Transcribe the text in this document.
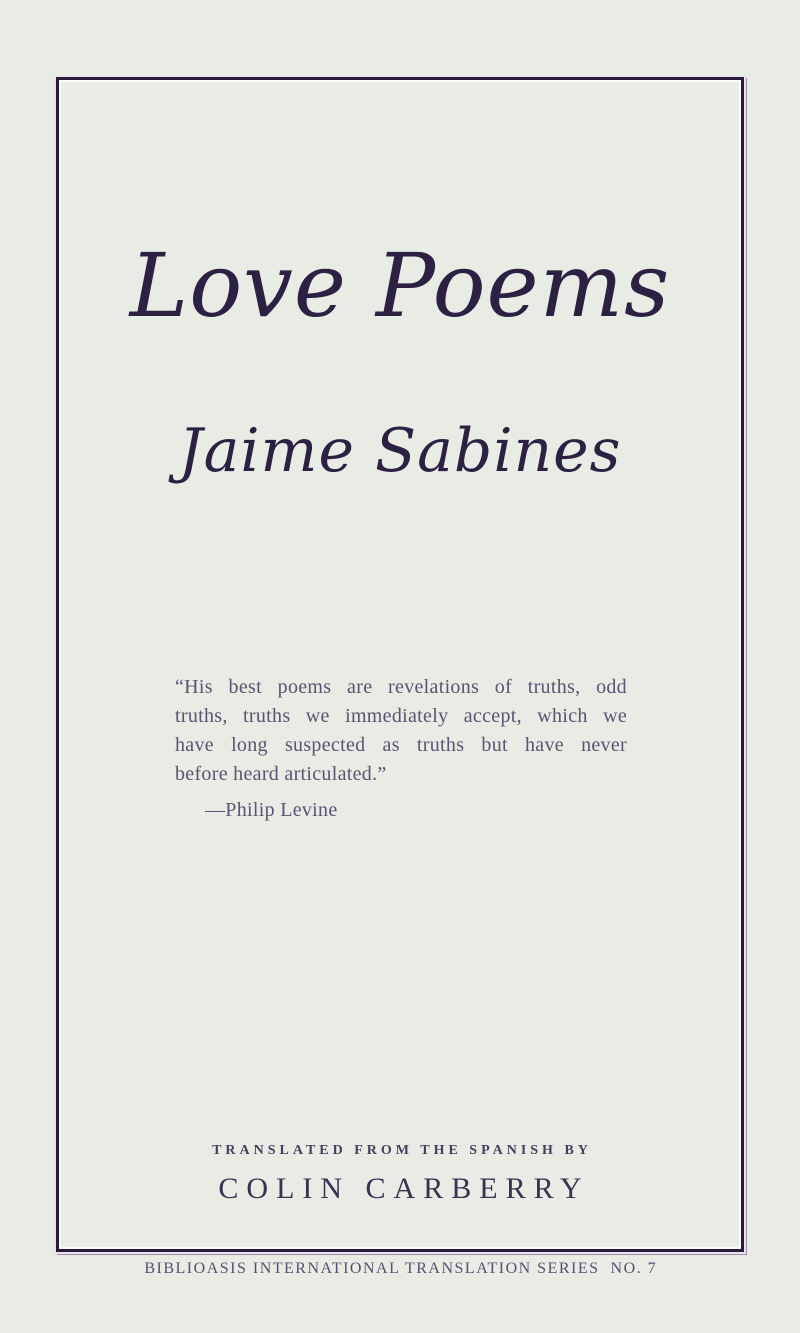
Love Poems
Jaime Sabines
“His best poems are revelations of truths, odd
truths, truths we immediately accept, which we
have long suspected as truths but have never
before heard articulated.”
—Philip Levine
TRANSLATED FROM THE SPANISH BY
COLIN CARBERRY
BIBLIOASIS INTERNATIONAL TRANSLATION SERIES  NO. 7
